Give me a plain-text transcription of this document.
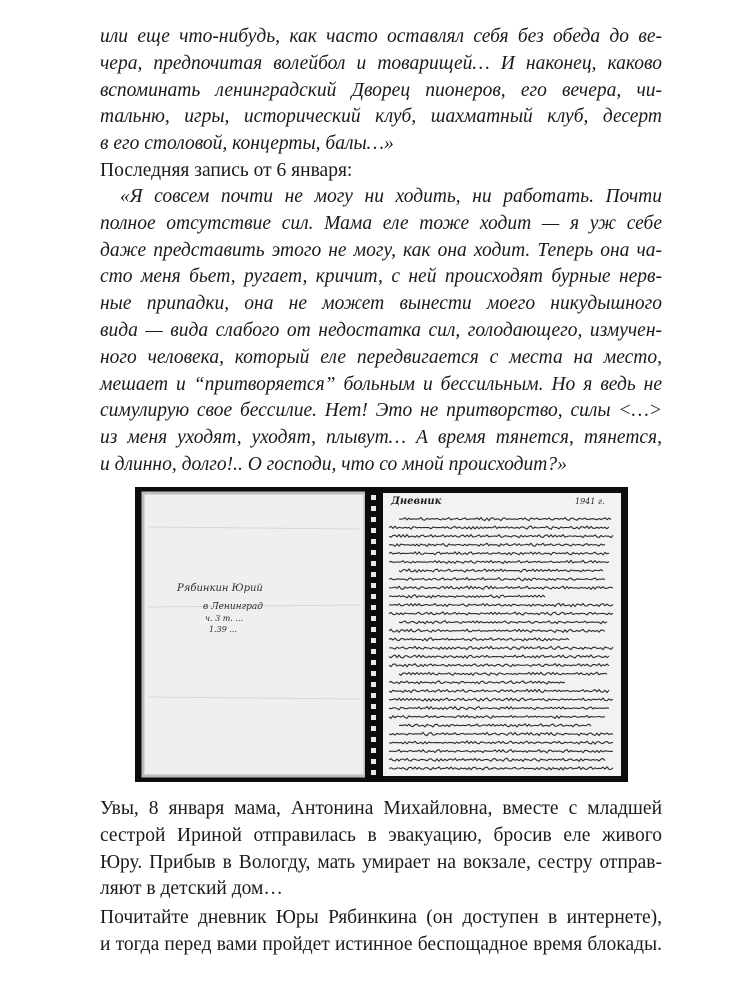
или еще что-нибудь, как часто оставлял себя без обеда до ве-
чера, предпочитая волейбол и товарищей… И наконец, каково
вспоминать ленинградский Дворец пионеров, его вечера, чи-
тальню, игры, исторический клуб, шахматный клуб, десерт
в его столовой, концерты, балы…»
Последняя запись от 6 января:
«Я совсем почти не могу ни ходить, ни работать. Почти
полное отсутствие сил. Мама еле тоже ходит — я уж себе
даже представить этого не могу, как она ходит. Теперь она ча-
сто меня бьет, ругает, кричит, с ней происходят бурные нерв-
ные припадки, она не может вынести моего никудышного
вида — вида слабого от недостатка сил, голодающего, измучен-
ного человека, который еле передвигается с места на место,
мешает и “притворяется” больным и бессильным. Но я ведь не
симулирую свое бессилие. Нет! Это не притворство, силы <…>
из меня уходят, уходят, плывут… А время тянется, тянется,
и длинно, долго!.. О господи, что со мной происходит?»
Рябинкин Юрий
в Ленинград
ч. 3 т. ...
1.39 ...
Дневник	1941 г.
Увы, 8 января мама, Антонина Михайловна, вместе с младшей
сестрой Ириной отправилась в эвакуацию, бросив еле живого
Юру. Прибыв в Вологду, мать умирает на вокзале, сестру отправ-
ляют в детский дом…
Почитайте дневник Юры Рябинкина (он доступен в интернете),
и тогда перед вами пройдет истинное беспощадное время блокады.
